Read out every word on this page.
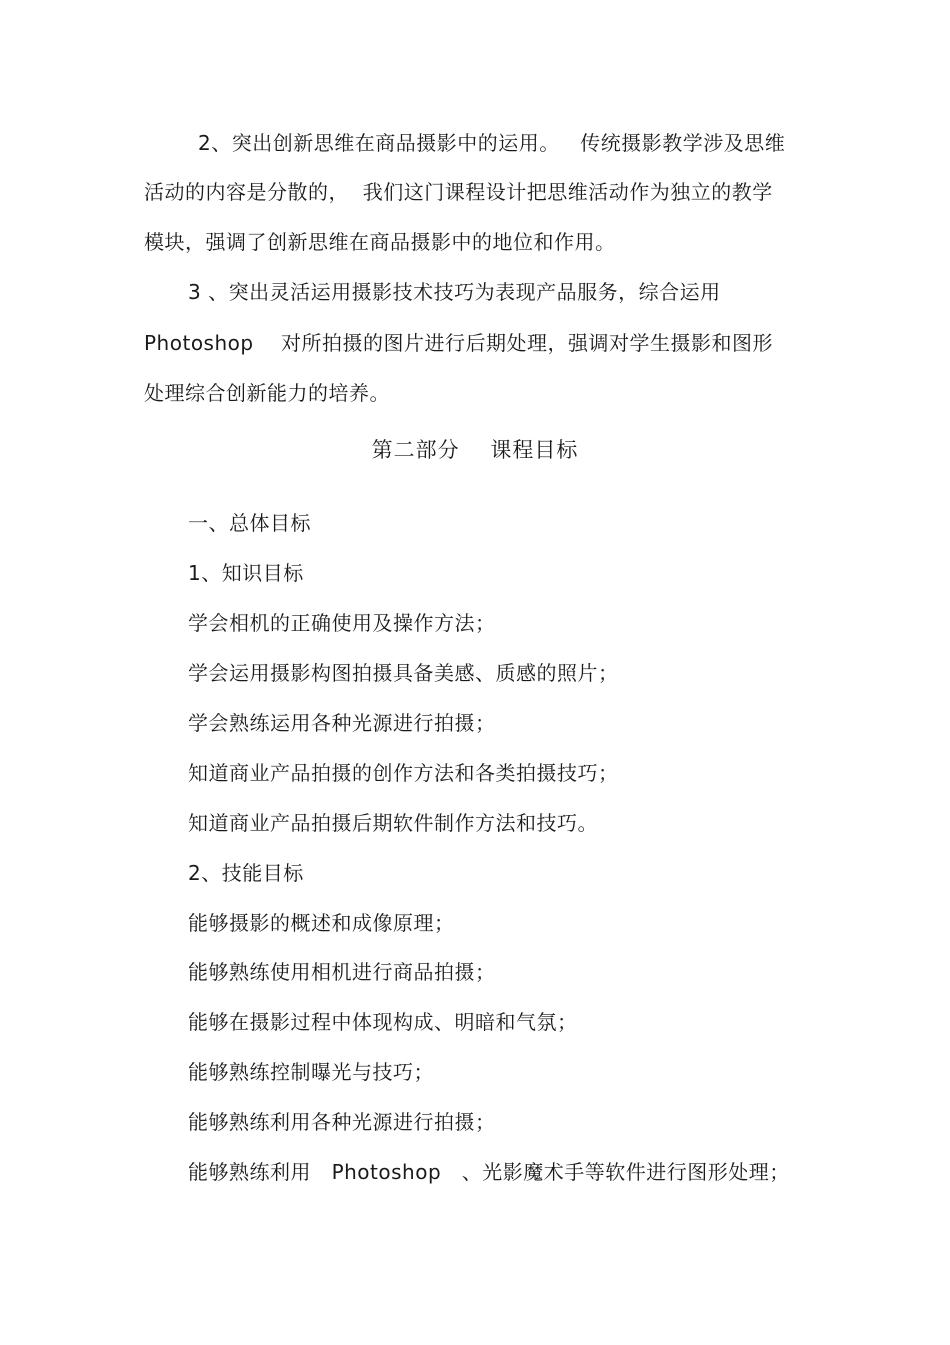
2、突出创新思维在商品摄影中的运用。   传统摄影教学涉及思维
活动的内容是分散的，  我们这门课程设计把思维活动作为独立的教学
模块，强调了创新思维在商品摄影中的地位和作用。
3 、突出灵活运用摄影技术技巧为表现产品服务，综合运用
Photoshop    对所拍摄的图片进行后期处理，强调对学生摄影和图形
处理综合创新能力的培养。
第二部分    课程目标
一、总体目标
1、知识目标
学会相机的正确使用及操作方法；
学会运用摄影构图拍摄具备美感、质感的照片；
学会熟练运用各种光源进行拍摄；
知道商业产品拍摄的创作方法和各类拍摄技巧；
知道商业产品拍摄后期软件制作方法和技巧。
2、技能目标
能够摄影的概述和成像原理；
能够熟练使用相机进行商品拍摄；
能够在摄影过程中体现构成、明暗和气氛；
能够熟练控制曝光与技巧；
能够熟练利用各种光源进行拍摄；
能够熟练利用   Photoshop   、光影魔术手等软件进行图形处理；
